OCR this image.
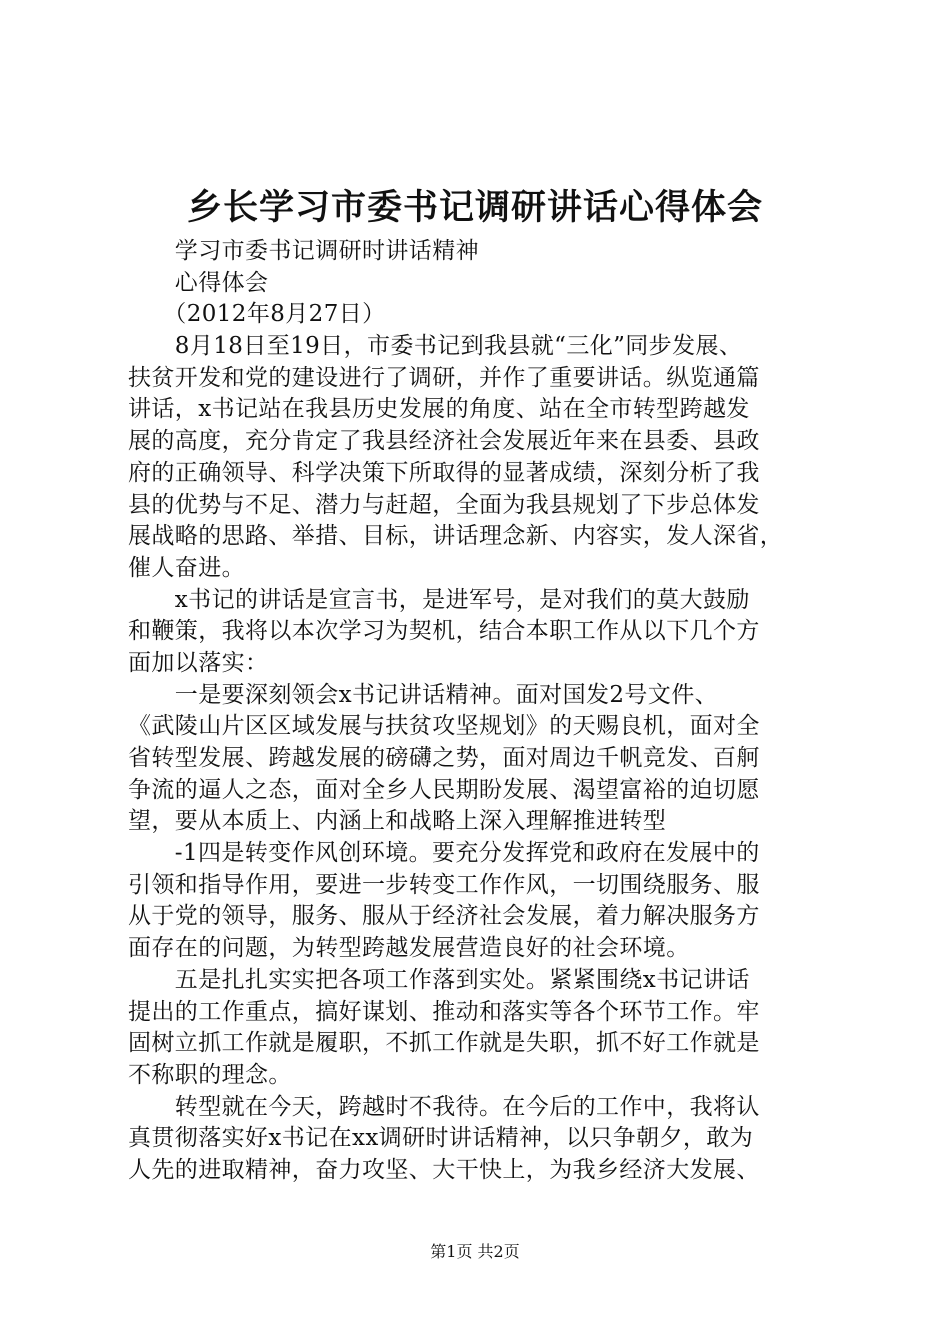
乡长学习市委书记调研讲话心得体会
　　学习市委书记调研时讲话精神
　　心得体会
　　（2012年8月27日）
　　8月18日至19日，市委书记到我县就“三化”同步发展、
扶贫开发和党的建设进行了调研，并作了重要讲话。纵览通篇
讲话，x书记站在我县历史发展的角度、站在全市转型跨越发
展的高度，充分肯定了我县经济社会发展近年来在县委、县政
府的正确领导、科学决策下所取得的显著成绩，深刻分析了我
县的优势与不足、潜力与赶超，全面为我县规划了下步总体发
展战略的思路、举措、目标，讲话理念新、内容实，发人深省，
催人奋进。
　　x书记的讲话是宣言书，是进军号，是对我们的莫大鼓励
和鞭策，我将以本次学习为契机，结合本职工作从以下几个方
面加以落实：
　　一是要深刻领会x书记讲话精神。面对国发2号文件、
《武陵山片区区域发展与扶贫攻坚规划》的天赐良机，面对全
省转型发展、跨越发展的磅礴之势，面对周边千帆竞发、百舸
争流的逼人之态，面对全乡人民期盼发展、渴望富裕的迫切愿
望，要从本质上、内涵上和战略上深入理解推进转型
　　-1四是转变作风创环境。要充分发挥党和政府在发展中的
引领和指导作用，要进一步转变工作作风，一切围绕服务、服
从于党的领导，服务、服从于经济社会发展，着力解决服务方
面存在的问题，为转型跨越发展营造良好的社会环境。
　　五是扎扎实实把各项工作落到实处。紧紧围绕x书记讲话
提出的工作重点，搞好谋划、推动和落实等各个环节工作。牢
固树立抓工作就是履职，不抓工作就是失职，抓不好工作就是
不称职的理念。
　　转型就在今天，跨越时不我待。在今后的工作中，我将认
真贯彻落实好x书记在xx调研时讲话精神，以只争朝夕，敢为
人先的进取精神，奋力攻坚、大干快上，为我乡经济大发展、
第1页 共2页
